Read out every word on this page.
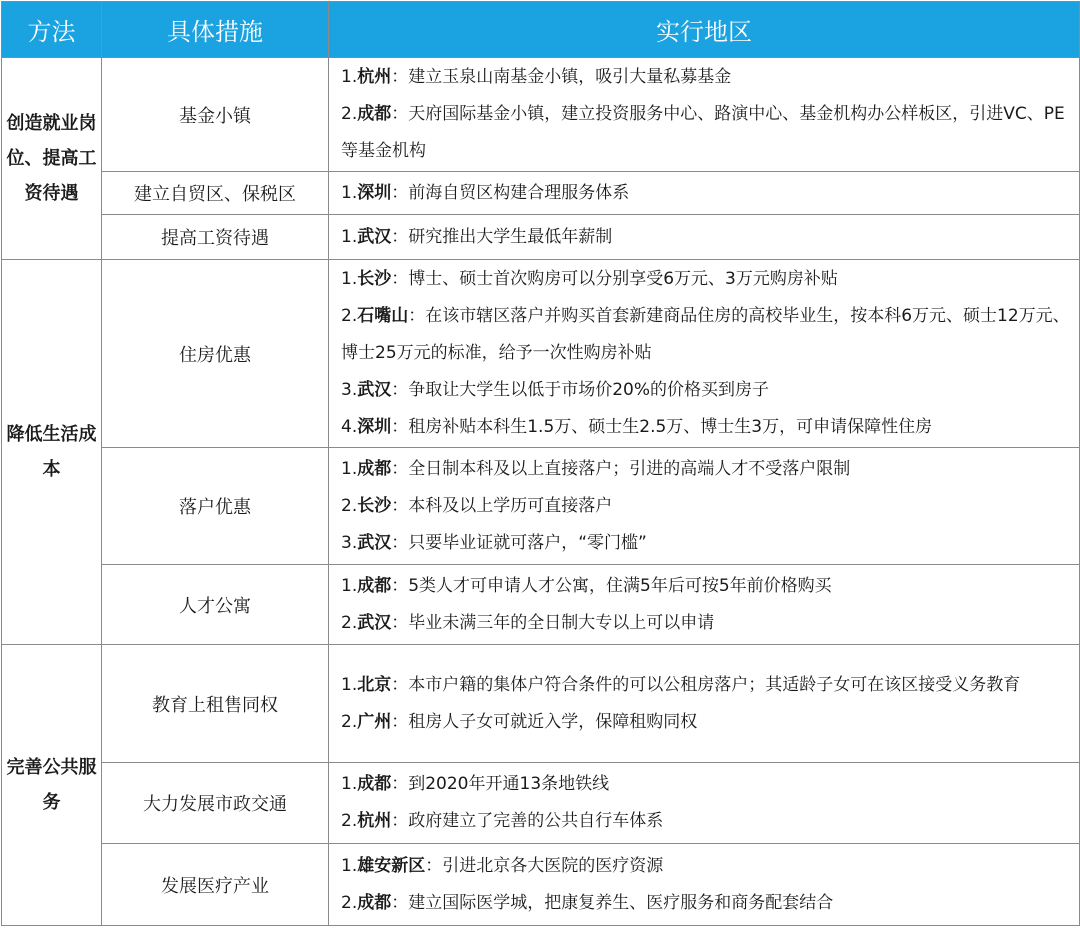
方法	具体措施	实行地区
创造就业岗位、提高工资待遇	基金小镇	1.杭州：建立玉泉山南基金小镇，吸引大量私募基金
2.成都：天府国际基金小镇，建立投资服务中心、路演中心、基金机构办公样板区，引进VC、PE等基金机构

	建立自贸区、保税区	1.深圳：前海自贸区构建合理服务体系

	提高工资待遇	1.武汉：研究推出大学生最低年薪制

降低生活成本	住房优惠	1.长沙：博士、硕士首次购房可以分别享受6万元、3万元购房补贴
2.石嘴山：在该市辖区落户并购买首套新建商品住房的高校毕业生，按本科6万元、硕士12万元、博士25万元的标准，给予一次性购房补贴
3.武汉：争取让大学生以低于市场价20%的价格买到房子
4.深圳：租房补贴本科生1.5万、硕士生2.5万、博士生3万，可申请保障性住房

	落户优惠	1.成都：全日制本科及以上直接落户；引进的高端人才不受落户限制
2.长沙：本科及以上学历可直接落户
3.武汉：只要毕业证就可落户，“零门槛”

	人才公寓	1.成都：5类人才可申请人才公寓，住满5年后可按5年前价格购买
2.武汉：毕业未满三年的全日制大专以上可以申请

完善公共服务	教育上租售同权	1.北京：本市户籍的集体户符合条件的可以公租房落户；其适龄子女可在该区接受义务教育
2.广州：租房人子女可就近入学，保障租购同权

	大力发展市政交通	1.成都：到2020年开通13条地铁线
2.杭州：政府建立了完善的公共自行车体系

	发展医疗产业	1.雄安新区：引进北京各大医院的医疗资源
2.成都：建立国际医学城，把康复养生、医疗服务和商务配套结合
